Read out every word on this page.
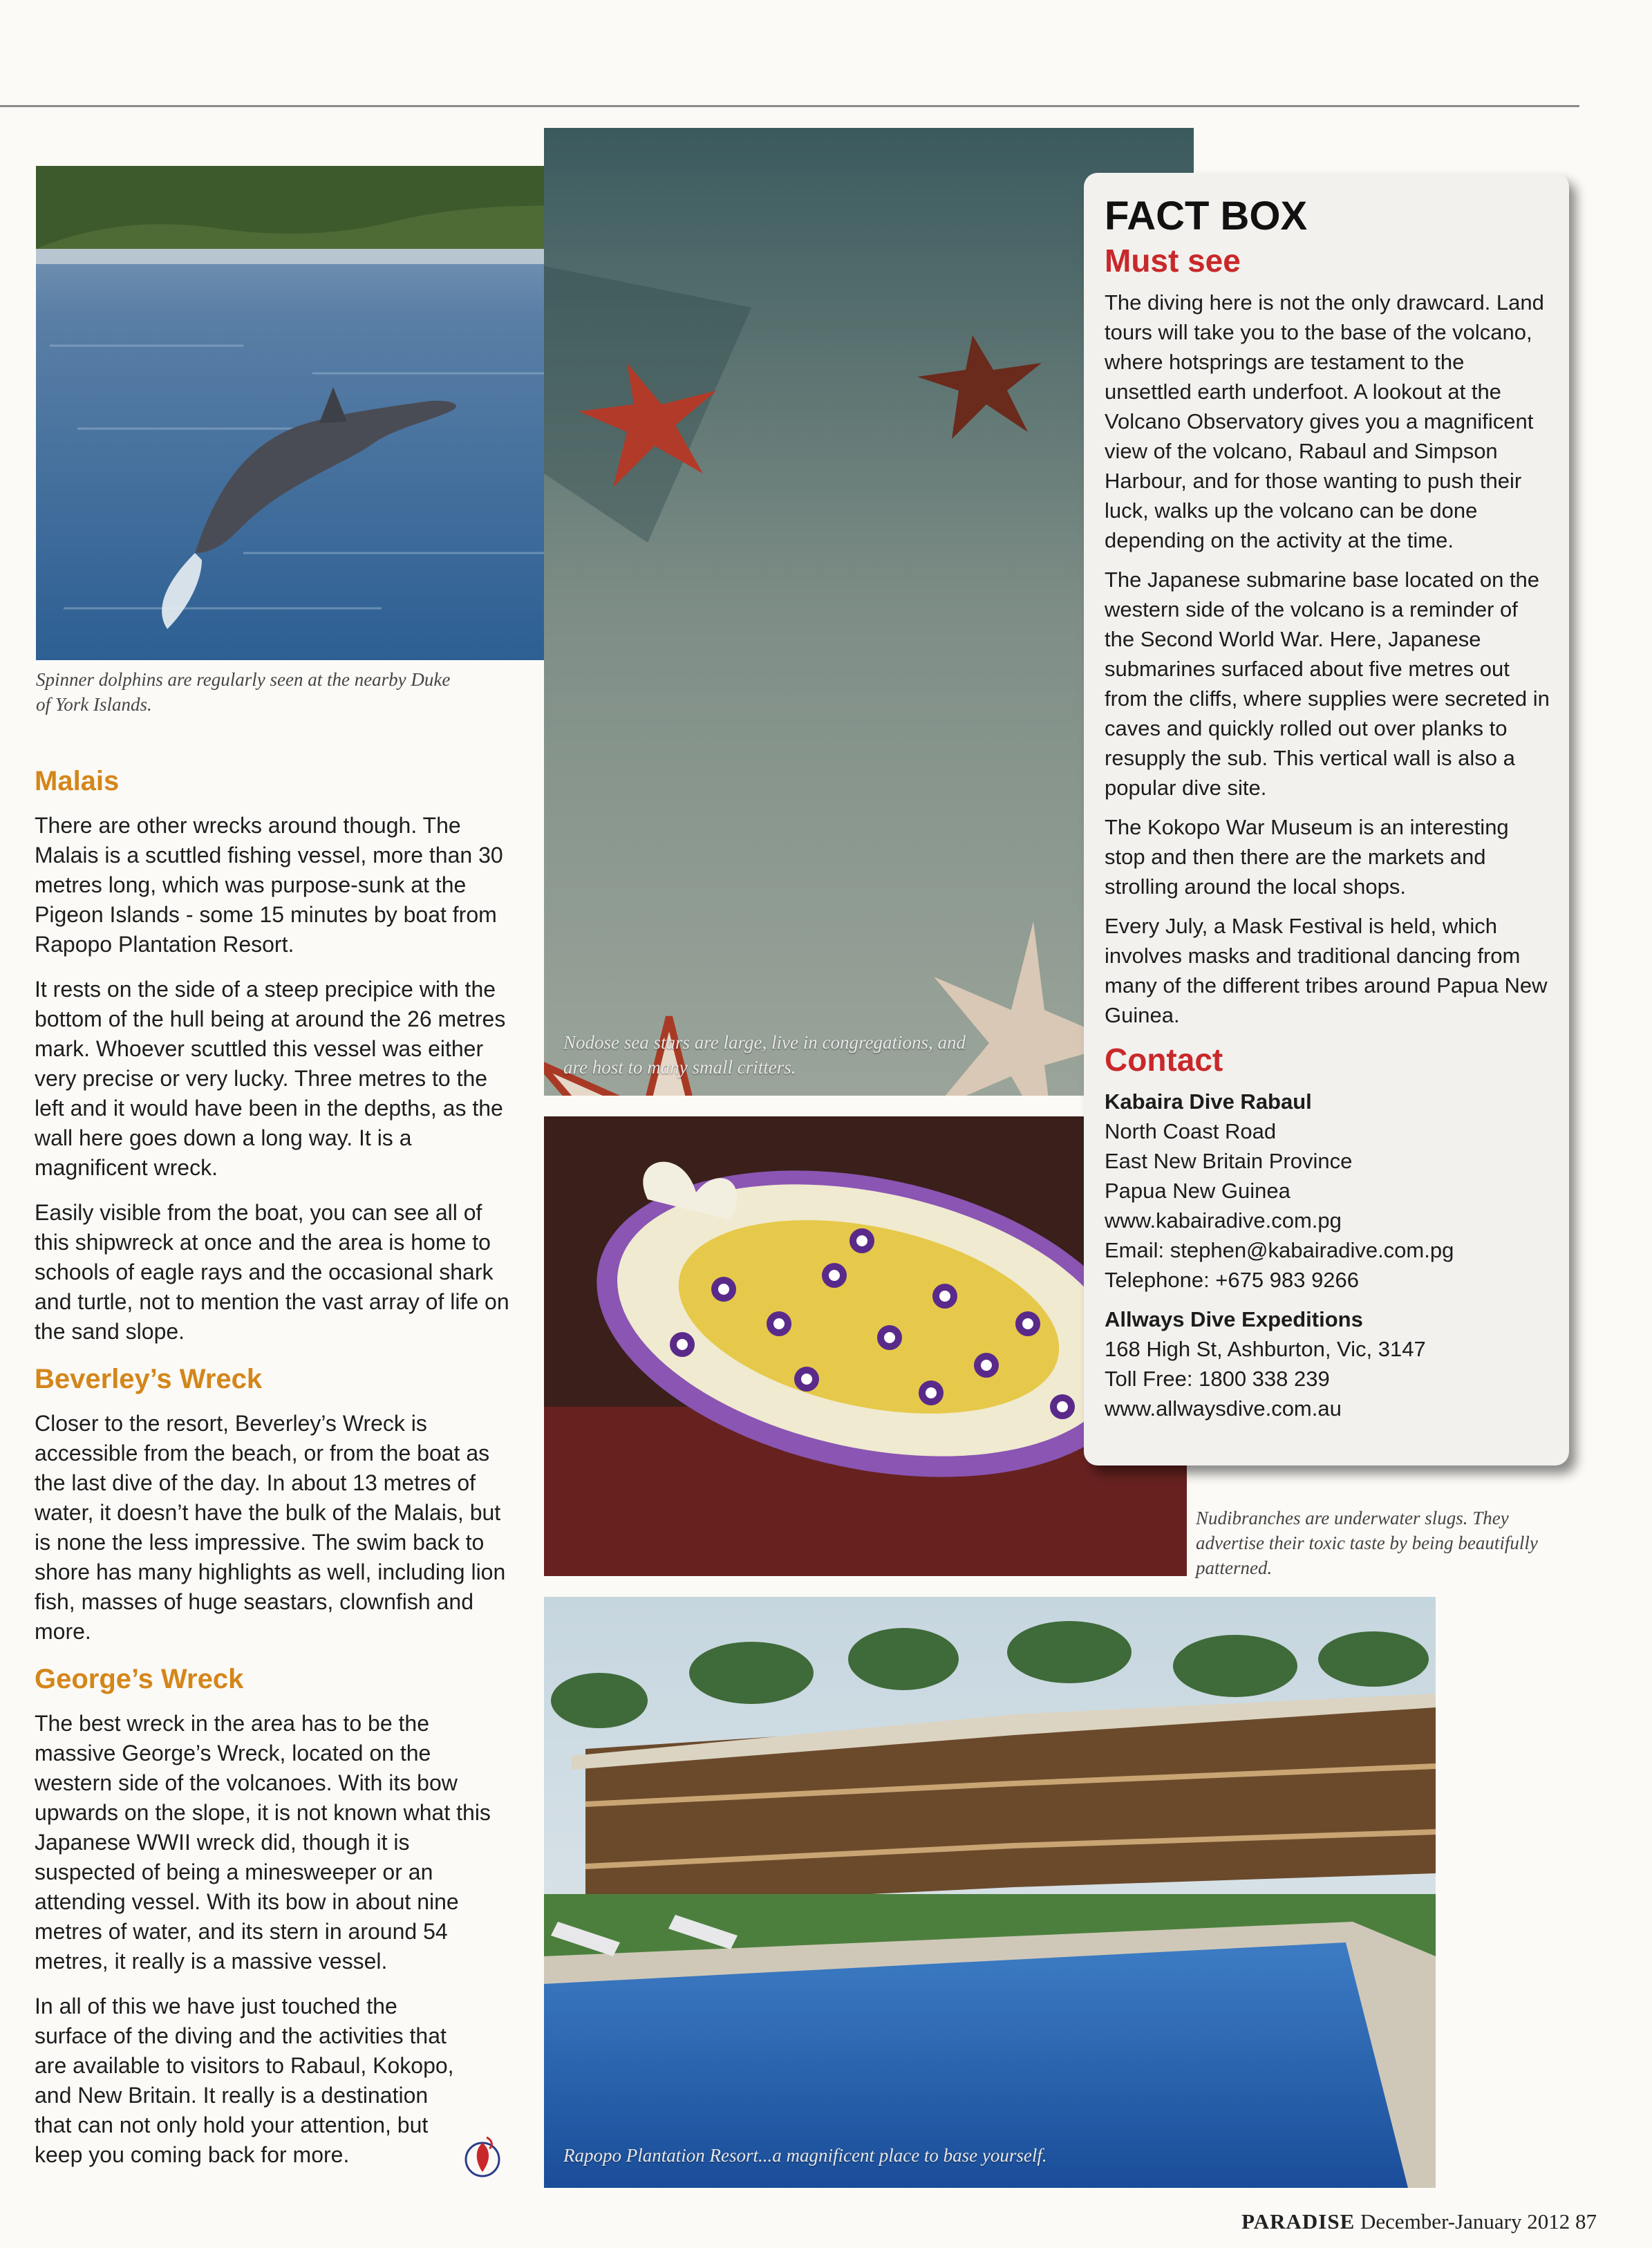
Spinner dolphins are regularly seen at the nearby Duke of York Islands.
Nodose sea stars are large, live in congregations, and are host to many small critters.
Nudibranches are underwater slugs. They advertise their toxic taste by being beautifully patterned.
Rapopo Plantation Resort...a magnificent place to base yourself.
Malais

There are other wrecks around though. The Malais is a scuttled fishing vessel, more than 30 metres long, which was purpose-sunk at the Pigeon Islands - some 15 minutes by boat from Rapopo Plantation Resort.

It rests on the side of a steep precipice with the bottom of the hull being at around the 26 metres mark. Whoever scuttled this vessel was either very precise or very lucky. Three metres to the left and it would have been in the depths, as the wall here goes down a long way. It is a magnificent wreck.

Easily visible from the boat, you can see all of this shipwreck at once and the area is home to schools of eagle rays and the occasional shark and turtle, not to mention the vast array of life on the sand slope.

Beverley’s Wreck

Closer to the resort, Beverley’s Wreck is accessible from the beach, or from the boat as the last dive of the day. In about 13 metres of water, it doesn’t have the bulk of the Malais, but is none the less impressive. The swim back to shore has many highlights as well, including lion fish, masses of huge seastars, clownfish and more.

George’s Wreck

The best wreck in the area has to be the massive George’s Wreck, located on the western side of the volcanoes. With its bow upwards on the slope, it is not known what this Japanese WWII wreck did, though it is suspected of being a minesweeper or an attending vessel. With its bow in about nine metres of water, and its stern in around 54 metres, it really is a massive vessel.

In all of this we have just touched the surface of the diving and the activities that are available to visitors to Rabaul, Kokopo, and New Britain. It really is a destination that can not only hold your attention, but keep you coming back for more.

FACT BOX
Must see

The diving here is not the only drawcard. Land tours will take you to the base of the volcano, where hotsprings are testament to the unsettled earth underfoot. A lookout at the Volcano Observatory gives you a magnificent view of the volcano, Rabaul and Simpson Harbour, and for those wanting to push their luck, walks up the volcano can be done depending on the activity at the time.

The Japanese submarine base located on the western side of the volcano is a reminder of the Second World War. Here, Japanese submarines surfaced about five metres out from the cliffs, where supplies were secreted in caves and quickly rolled out over planks to resupply the sub. This vertical wall is also a popular dive site.

The Kokopo War Museum is an interesting stop and then there are the markets and strolling around the local shops.

Every July, a Mask Festival is held, which involves masks and traditional dancing from many of the different tribes around Papua New Guinea.

Contact

Kabaira Dive Rabaul

North Coast Road

East New Britain Province

Papua New Guinea

www.kabairadive.com.pg

Email: stephen@kabairadive.com.pg

Telephone: +675 983 9266

Allways Dive Expeditions

168 High St, Ashburton, Vic, 3147

Toll Free: 1800 338 239

www.allwaysdive.com.au

PARADISE December-January 2012 87
